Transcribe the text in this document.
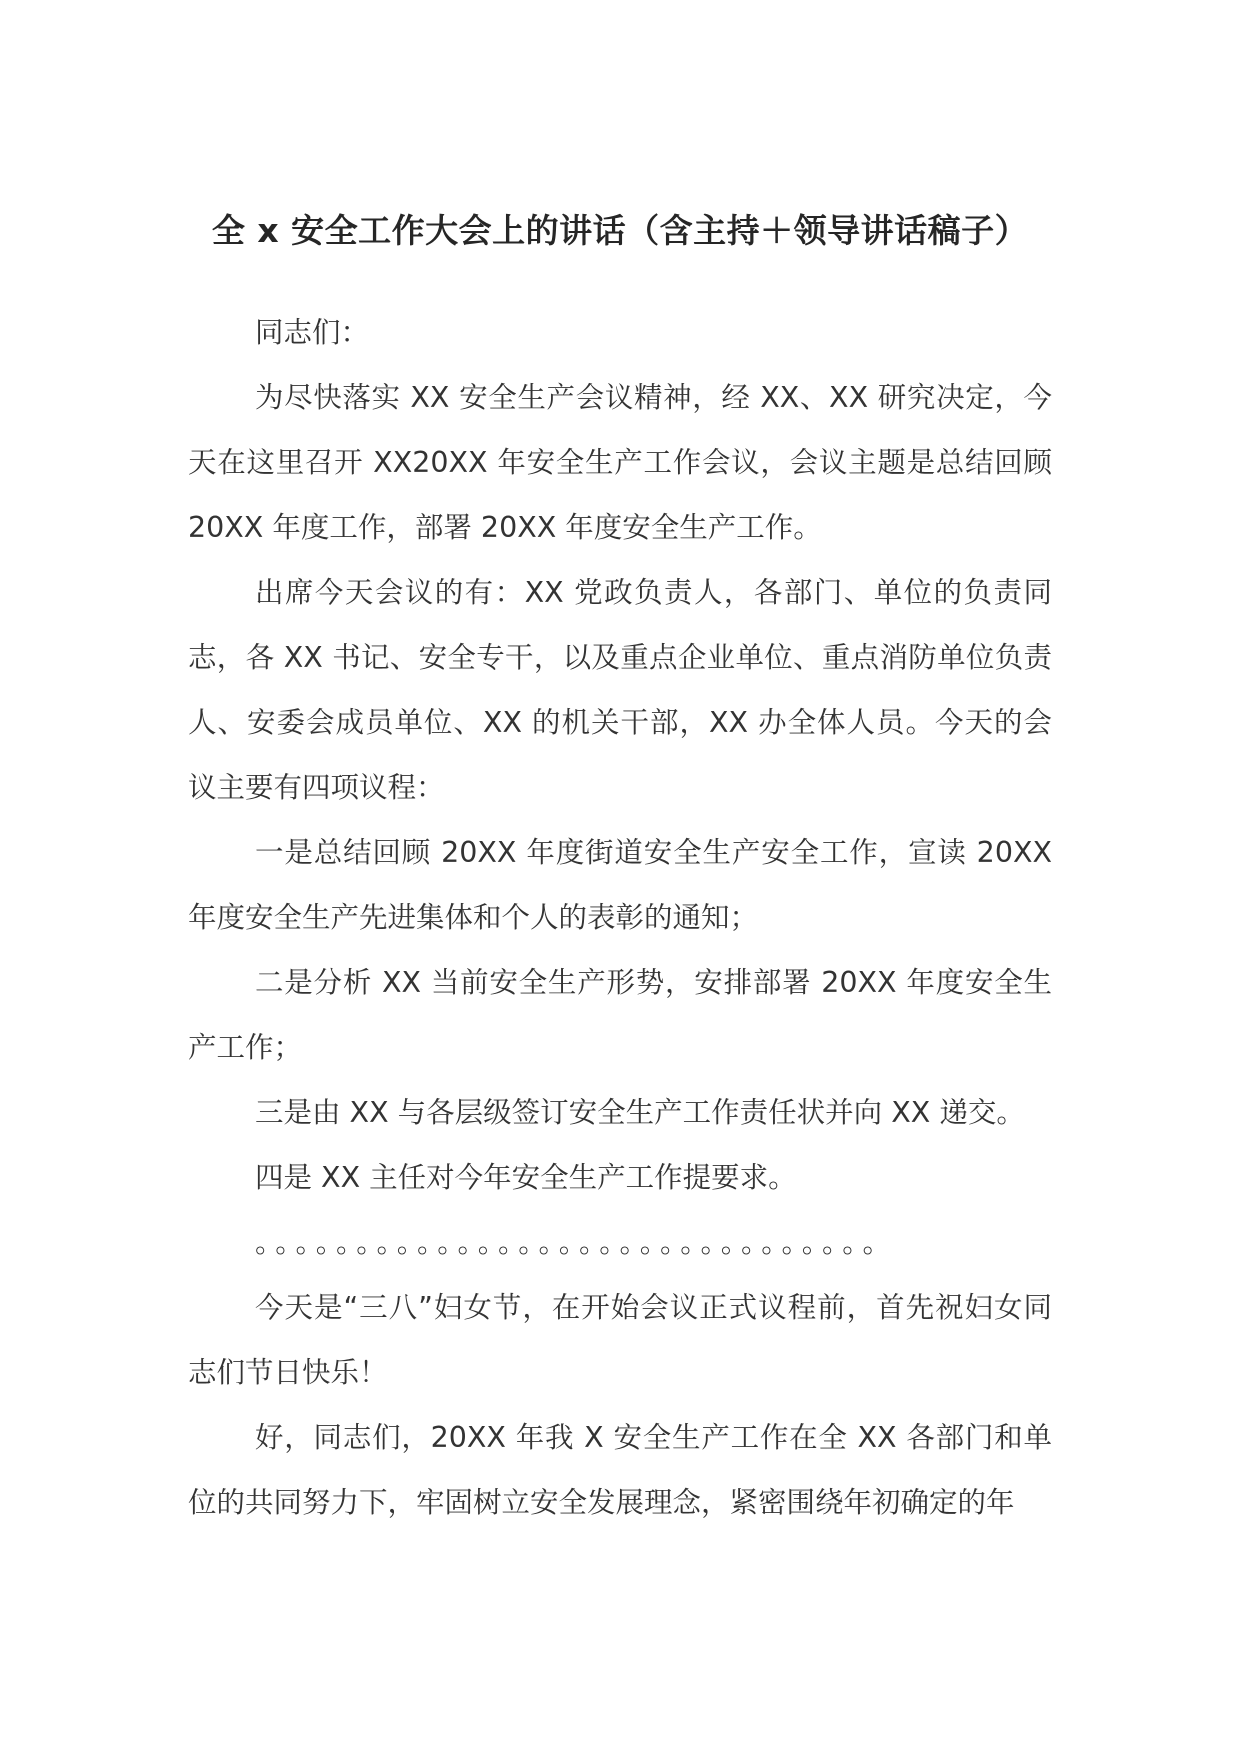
全 x 安全工作大会上的讲话（含主持＋领导讲话稿子）

同志们：

为尽快落实 XX 安全生产会议精神，经 XX、XX 研究决定，今天在这里召开 XX20XX 年安全生产工作会议，会议主题是总结回顾 20XX 年度工作，部署 20XX 年度安全生产工作。

出席今天会议的有：XX 党政负责人，各部门、单位的负责同志，各 XX 书记、安全专干，以及重点企业单位、重点消防单位负责人、安委会成员单位、XX 的机关干部，XX 办全体人员。今天的会议主要有四项议程：

一是总结回顾 20XX 年度街道安全生产安全工作，宣读 20XX 年度安全生产先进集体和个人的表彰的通知；

二是分析 XX 当前安全生产形势，安排部署 20XX 年度安全生产工作；

三是由 XX 与各层级签订安全生产工作责任状并向 XX 递交。

四是 XX 主任对今年安全生产工作提要求。

。。。。。。。。。。。。。。。。。。。。。。。。。。。。。。。

今天是“三八”妇女节，在开始会议正式议程前，首先祝妇女同志们节日快乐！

好，同志们，20XX 年我 X 安全生产工作在全 XX 各部门和单位的共同努力下，牢固树立安全发展理念，紧密围绕年初确定的年
